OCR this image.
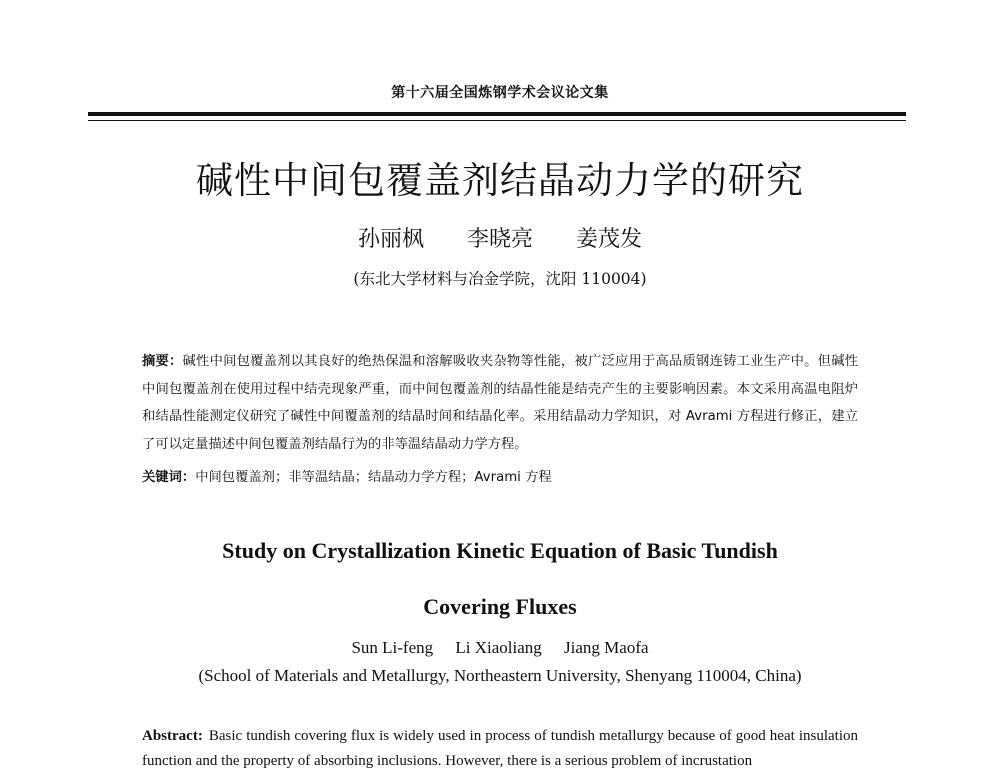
第十六届全国炼钢学术会议论文集
碱性中间包覆盖剂结晶动力学的研究
孙丽枫 李晓亮 姜茂发
(东北大学材料与冶金学院，沈阳 110004)
摘要：碱性中间包覆盖剂以其良好的绝热保温和溶解吸收夹杂物等性能，被广泛应用于高品质钢连铸工业生产中。但碱性中间包覆盖剂在使用过程中结壳现象严重，而中间包覆盖剂的结晶性能是结壳产生的主要影响因素。本文采用高温电阻炉和结晶性能测定仪研究了碱性中间覆盖剂的结晶时间和结晶化率。采用结晶动力学知识，对 Avrami 方程进行修正，建立了可以定量描述中间包覆盖剂结晶行为的非等温结晶动力学方程。
关键词：中间包覆盖剂；非等温结晶；结晶动力学方程；Avrami 方程
Study on Crystallization Kinetic Equation of Basic Tundish
Covering Fluxes
Sun Li-feng Li Xiaoliang Jiang Maofa
(School of Materials and Metallurgy, Northeastern University, Shenyang 110004, China)
Abstract: Basic tundish covering flux is widely used in process of tundish metallurgy because of good heat insulation function and the property of absorbing inclusions. However, there is a serious problem of incrustation
